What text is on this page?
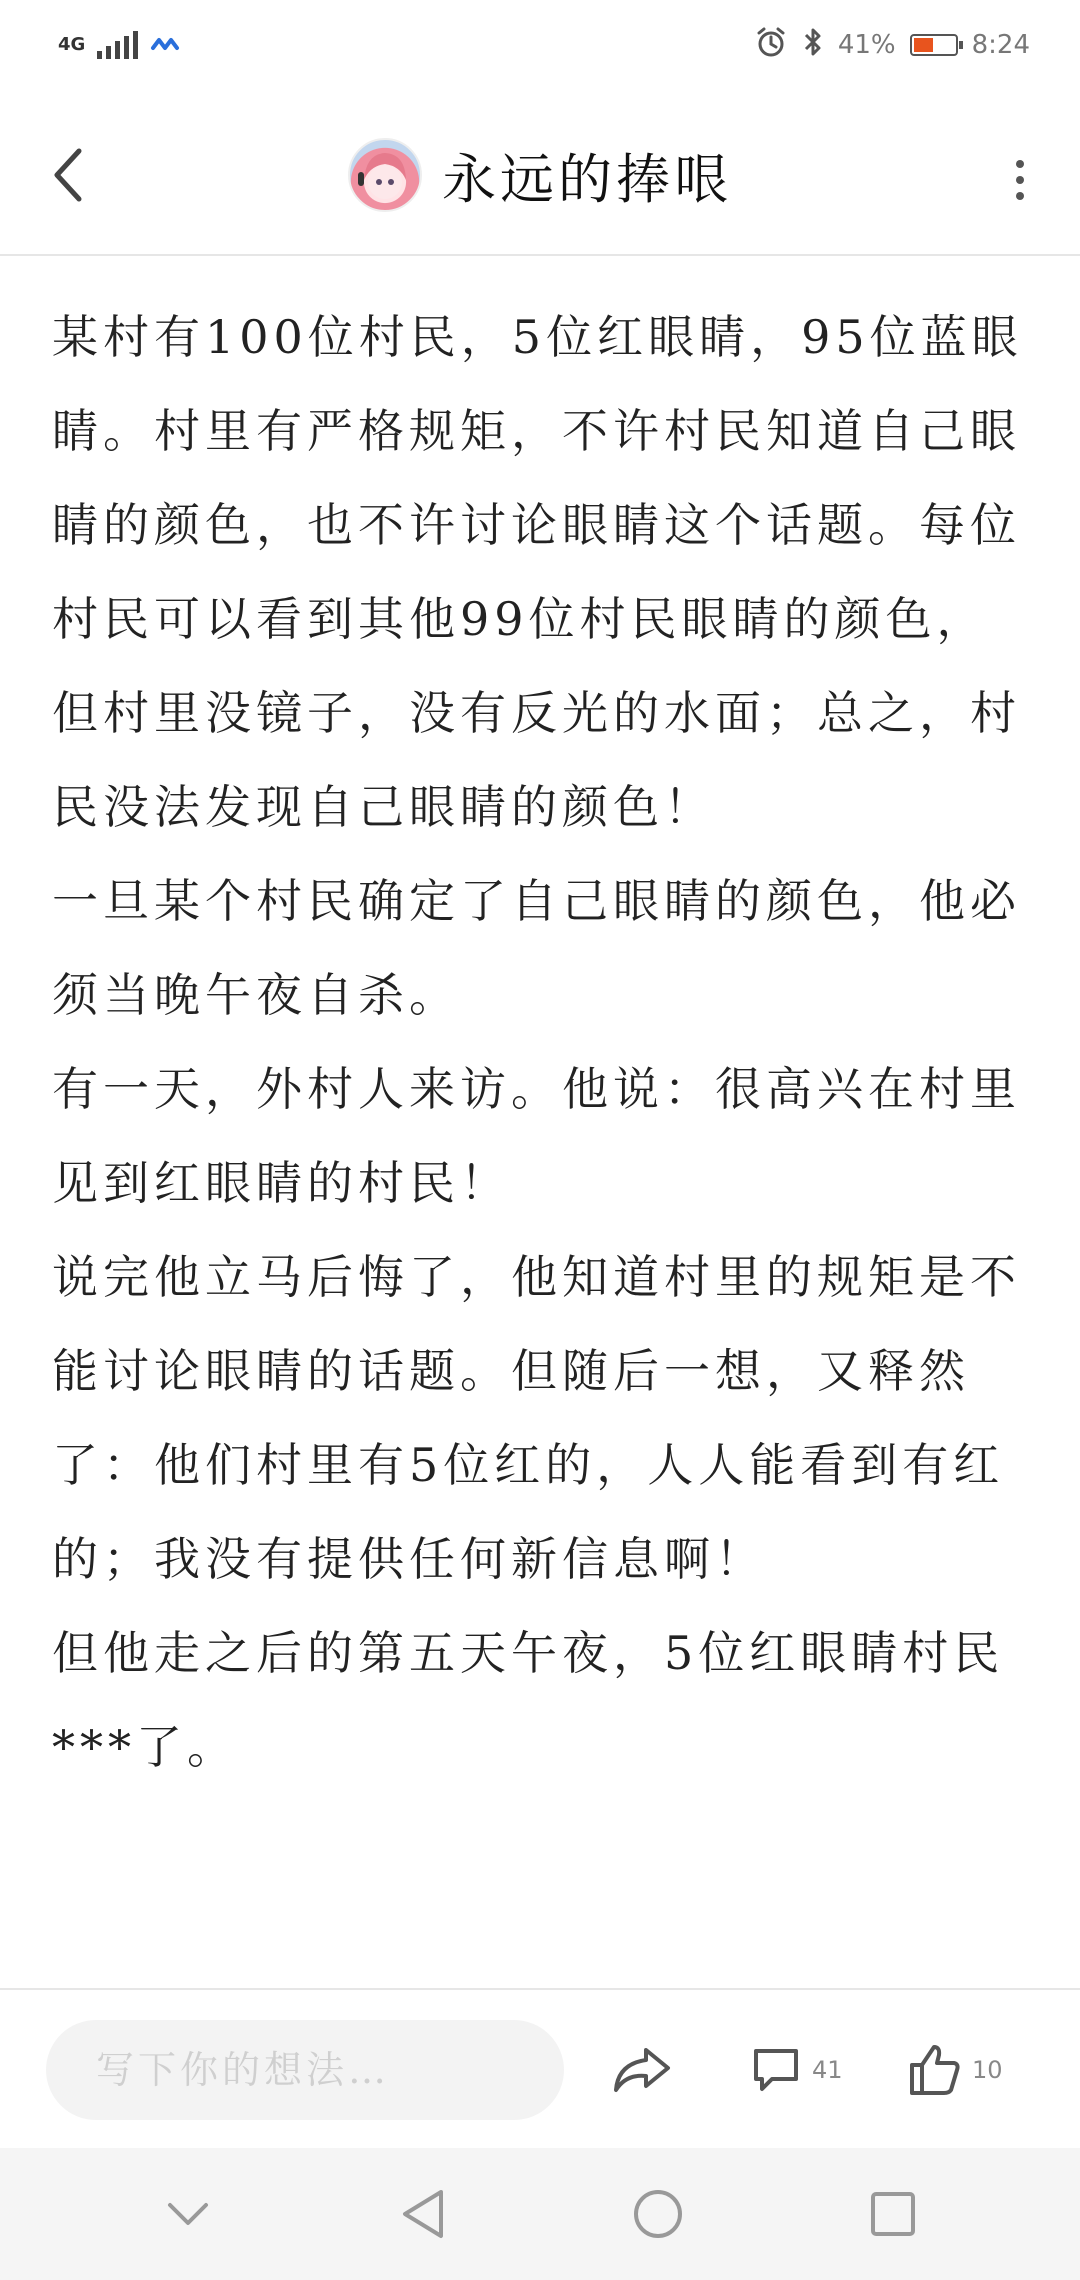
4G	41%	8:24
永远的捧哏

某村有100位村民，5位红眼睛，95位蓝眼睛。村里有严格规矩，不许村民知道自己眼睛的颜色，也不许讨论眼睛这个话题。每位村民可以看到其他99位村民眼睛的颜色，但村里没镜子，没有反光的水面；总之，村民没法发现自己眼睛的颜色！

一旦某个村民确定了自己眼睛的颜色，他必须当晚午夜自杀。

有一天，外村人来访。他说：很高兴在村里见到红眼睛的村民！

说完他立马后悔了，他知道村里的规矩是不能讨论眼睛的话题。但随后一想，又释然了：他们村里有5位红的，人人能看到有红的；我没有提供任何新信息啊！

但他走之后的第五天午夜，5位红眼睛村民***了。

写下你的想法…
41	10
